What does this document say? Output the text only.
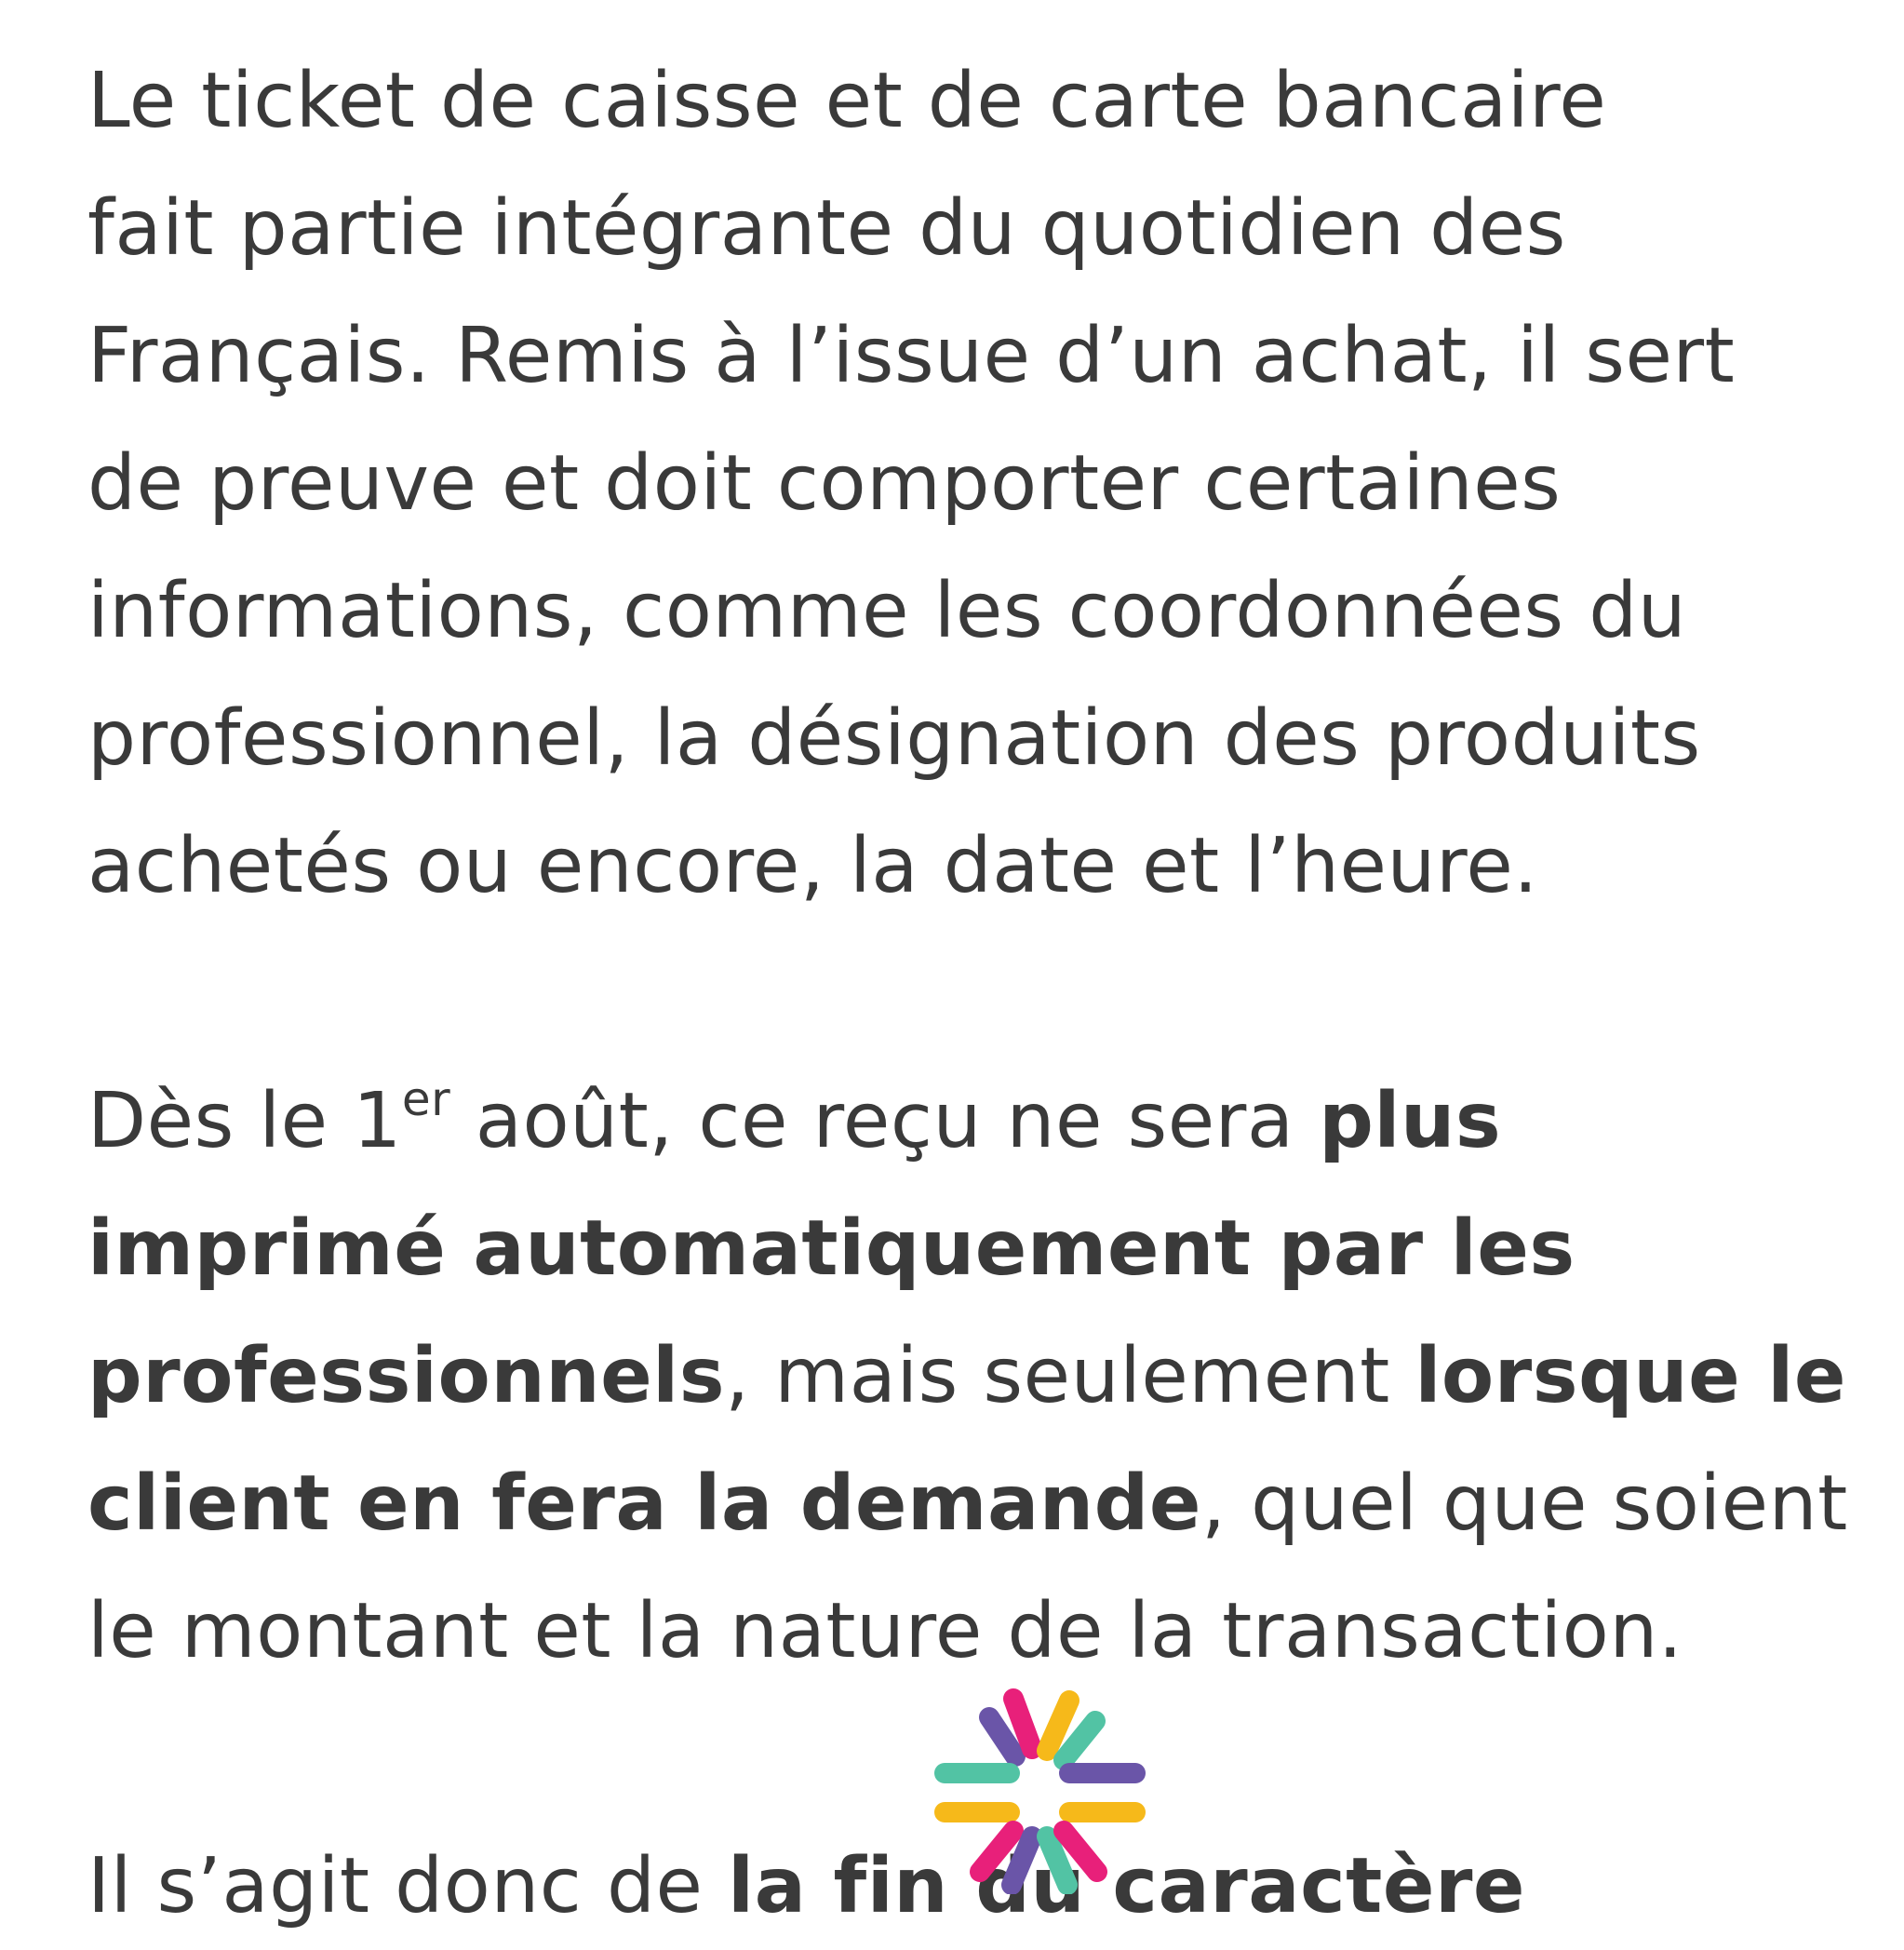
Le ticket de caisse et de carte bancaire
fait partie intégrante du quotidien des
Français. Remis à l’issue d’un achat, il sert
de preuve et doit comporter certaines
informations, comme les coordonnées du
professionnel, la désignation des produits
achetés ou encore, la date et l’heure.
Dès le 1er août, ce reçu ne sera plus
imprimé automatiquement par les
professionnels, mais seulement lorsque le
client en fera la demande, quel que soient
le montant et la nature de la transaction.
Il s’agit donc de la fin du caractère
